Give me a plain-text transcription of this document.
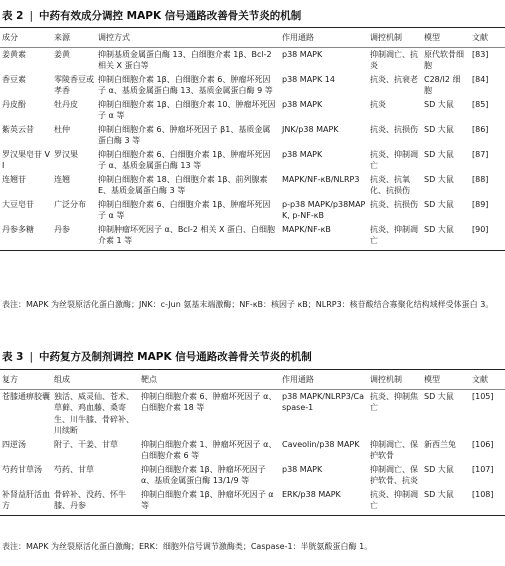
表 2 | 中药有效成分调控 MAPK 信号通路改善骨关节炎的机制
成分	来源	调控方式	作用通路	调控机制	模型	文献
姜黄素	姜黄	抑制基质金属蛋白酶 13、白细胞介素 1β、Bcl-2 相关 X 蛋白等	p38 MAPK	抑制凋亡、抗炎	原代软骨细胞	[83]
香豆素	零陵香豆或孝香	抑制白细胞介素 1β、白细胞介素 6、肿瘤坏死因子 α、基质金属蛋白酶 13、基质金属蛋白酶 9 等	p38 MAPK 14	抗炎、抗衰老	C28/I2 细胞	[84]
丹皮酚	牡丹皮	抑制白细胞介素 1β、白细胞介素 10、肿瘤坏死因子 α 等	p38 MAPK	抗炎	SD 大鼠	[85]
紫英云昔	杜仲	抑制白细胞介素 6、肿瘤坏死因子 β1、基质金属蛋白酶 3 等	JNK/p38 MAPK	抗炎、抗损伤	SD 大鼠	[86]
罗汉果皂苷 VI	罗汉果	抑制白细胞介素 6、白细胞介素 1β、肿瘤坏死因子 α、基质金属蛋白酶 13 等	p38 MAPK	抗炎、抑制凋亡	SD 大鼠	[87]
连翘苷	连翘	抑制白细胞介素 18、白细胞介素 1β、前列腺素 E、基质金属蛋白酶 3 等	MAPK/NF-κB/NLRP3	抗炎、抗氧化、抗损伤	SD 大鼠	[88]
大豆皂苷	广泛分布	抑制白细胞介素 6、白细胞介素 1β、肿瘤坏死因子 α 等	p-p38 MAPK/p38MAPK, p-NF-κB	抗炎、抗损伤	SD 大鼠	[89]
丹参多糖	丹参	抑制肿瘤坏死因子 α、Bcl-2 相关 X 蛋白、白细胞介素 1 等	MAPK/NF-κB	抗炎、抑制凋亡	SD 大鼠	[90]
表注：MAPK 为丝裂原活化蛋白激酶；JNK：c-Jun 氨基末端激酶；NF-κB：核因子 κB；NLRP3：核苷酸结合寡聚化结构域样受体蛋白 3。
表 3 | 中药复方及制剂调控 MAPK 信号通路改善骨关节炎的机制
复方	组成	靶点	作用通路	调控机制	模型	文献
苍膝通痹胶囊	独活、威灵仙、苍术、草藓、鸡血藤、桑寄生、川牛膝、骨碎补、川续断	抑制白细胞介素 6、肿瘤坏死因子 α、白细胞介素 18 等	p38 MAPK/NLRP3/Caspase-1	抗炎、抑制焦亡	SD 大鼠	[105]
四逆汤	附子、干姜、甘草	抑制白细胞介素 1、肿瘤坏死因子 α、白细胞介素 6 等	Caveolin/p38 MAPK	抑制凋亡、保护软骨	新西兰兔	[106]
芍药甘草汤	芍药、甘草	抑制白细胞介素 1β、肿瘤坏死因子 α、基质金属蛋白酶 13/1/9 等	p38 MAPK	抑制凋亡、保护软骨、抗炎	SD 大鼠	[107]
补肾益肝活血方	骨碎补、没药、怀牛膝、丹参	抑制白细胞介素 1β、肿瘤坏死因子 α 等	ERK/p38 MAPK	抗炎、抑制凋亡	SD 大鼠	[108]
表注：MAPK 为丝裂原活化蛋白激酶；ERK：细胞外信号调节激酶类；Caspase-1：半胱氨酸蛋白酶 1。
